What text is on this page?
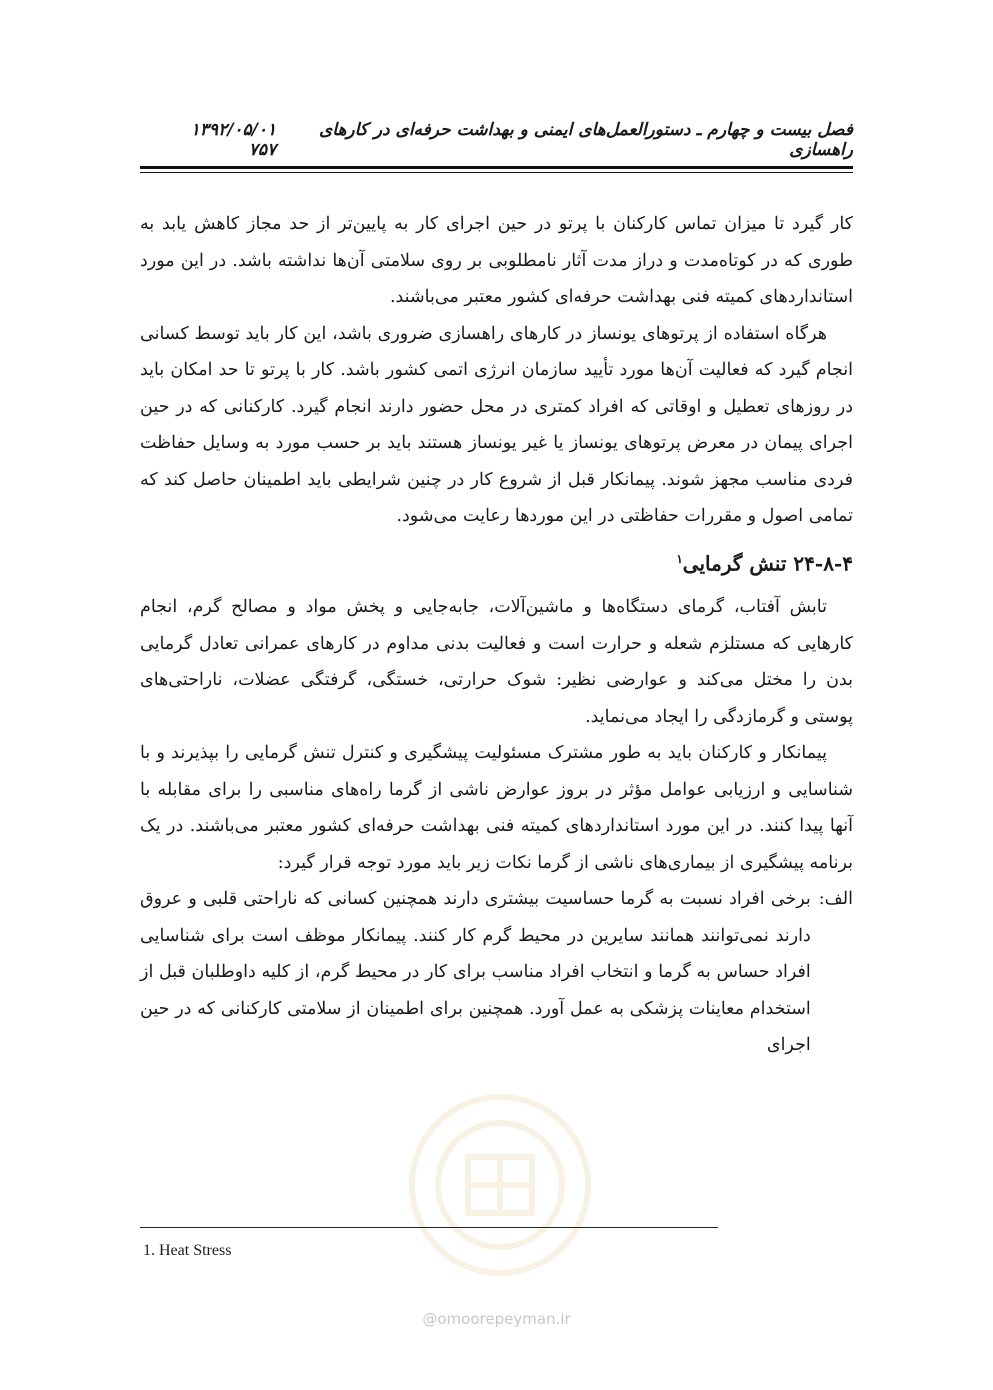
فصل بیست و چهارم ـ دستورالعمل‌های ایمنی و بهداشت حرفه‌ای در کارهای راهسازی
۱۳۹۲/۰۵/۰۱     ۷۵۷

کار گیرد تا میزان تماس کارکنان با پرتو در حین اجرای کار به پایین‌تر از حد مجاز کاهش یابد به طوری که در کوتاه‌مدت و دراز مدت آثار نامطلوبی بر روی سلامتی آن‌ها نداشته باشد. در این مورد استانداردهای کمیته فنی بهداشت حرفه‌ای کشور معتبر می‌باشند.

هرگاه استفاده از پرتوهای یونساز در کارهای راهسازی ضروری باشد، این کار باید توسط کسانی انجام گیرد که فعالیت آن‌ها مورد تأیید سازمان انرژی اتمی کشور باشد. کار با پرتو تا حد امکان باید در روزهای تعطیل و اوقاتی که افراد کمتری در محل حضور دارند انجام گیرد. کارکنانی که در حین اجرای پیمان در معرض پرتوهای یونساز یا غیر یونساز هستند باید بر حسب مورد به وسایل حفاظت فردی مناسب مجهز شوند. پیمانکار قبل از شروع کار در چنین شرایطی باید اطمینان حاصل کند که تمامی اصول و مقررات حفاظتی در این موردها رعایت می‌شود.

۲۴-۸-۴ تنش گرمایی$^۱$

تابش آفتاب، گرمای دستگاه‌ها و ماشین‌آلات، جابه‌جایی و پخش مواد و مصالح گرم، انجام کارهایی که مستلزم شعله و حرارت است و فعالیت بدنی مداوم در کارهای عمرانی تعادل گرمایی بدن را مختل می‌کند و عوارضی نظیر: شوک حرارتی، خستگی، گرفتگی عضلات، ناراحتی‌های پوستی و گرمازدگی را ایجاد می‌نماید.

پیمانکار و کارکنان باید به طور مشترک مسئولیت پیشگیری و کنترل تنش گرمایی را بپذیرند و با شناسایی و ارزیابی عوامل مؤثر در بروز عوارض ناشی از گرما راه‌های مناسبی را برای مقابله با آنها پیدا کنند. در این مورد استانداردهای کمیته فنی بهداشت حرفه‌ای کشور معتبر می‌باشند. در یک برنامه پیشگیری از بیماری‌های ناشی از گرما نکات زیر باید مورد توجه قرار گیرد:

الف:
برخی افراد نسبت به گرما حساسیت بیشتری دارند همچنین کسانی که ناراحتی قلبی و عروق دارند نمی‌توانند همانند سایرین در محیط گرم کار کنند. پیمانکار موظف است برای شناسایی افراد حساس به گرما و انتخاب افراد مناسب برای کار در محیط گرم، از کلیه داوطلبان قبل از استخدام معاینات پزشکی به عمل آورد. همچنین برای اطمینان از سلامتی کارکنانی که در حین اجرای
@omoorepeyman.ir
1. Heat Stress
